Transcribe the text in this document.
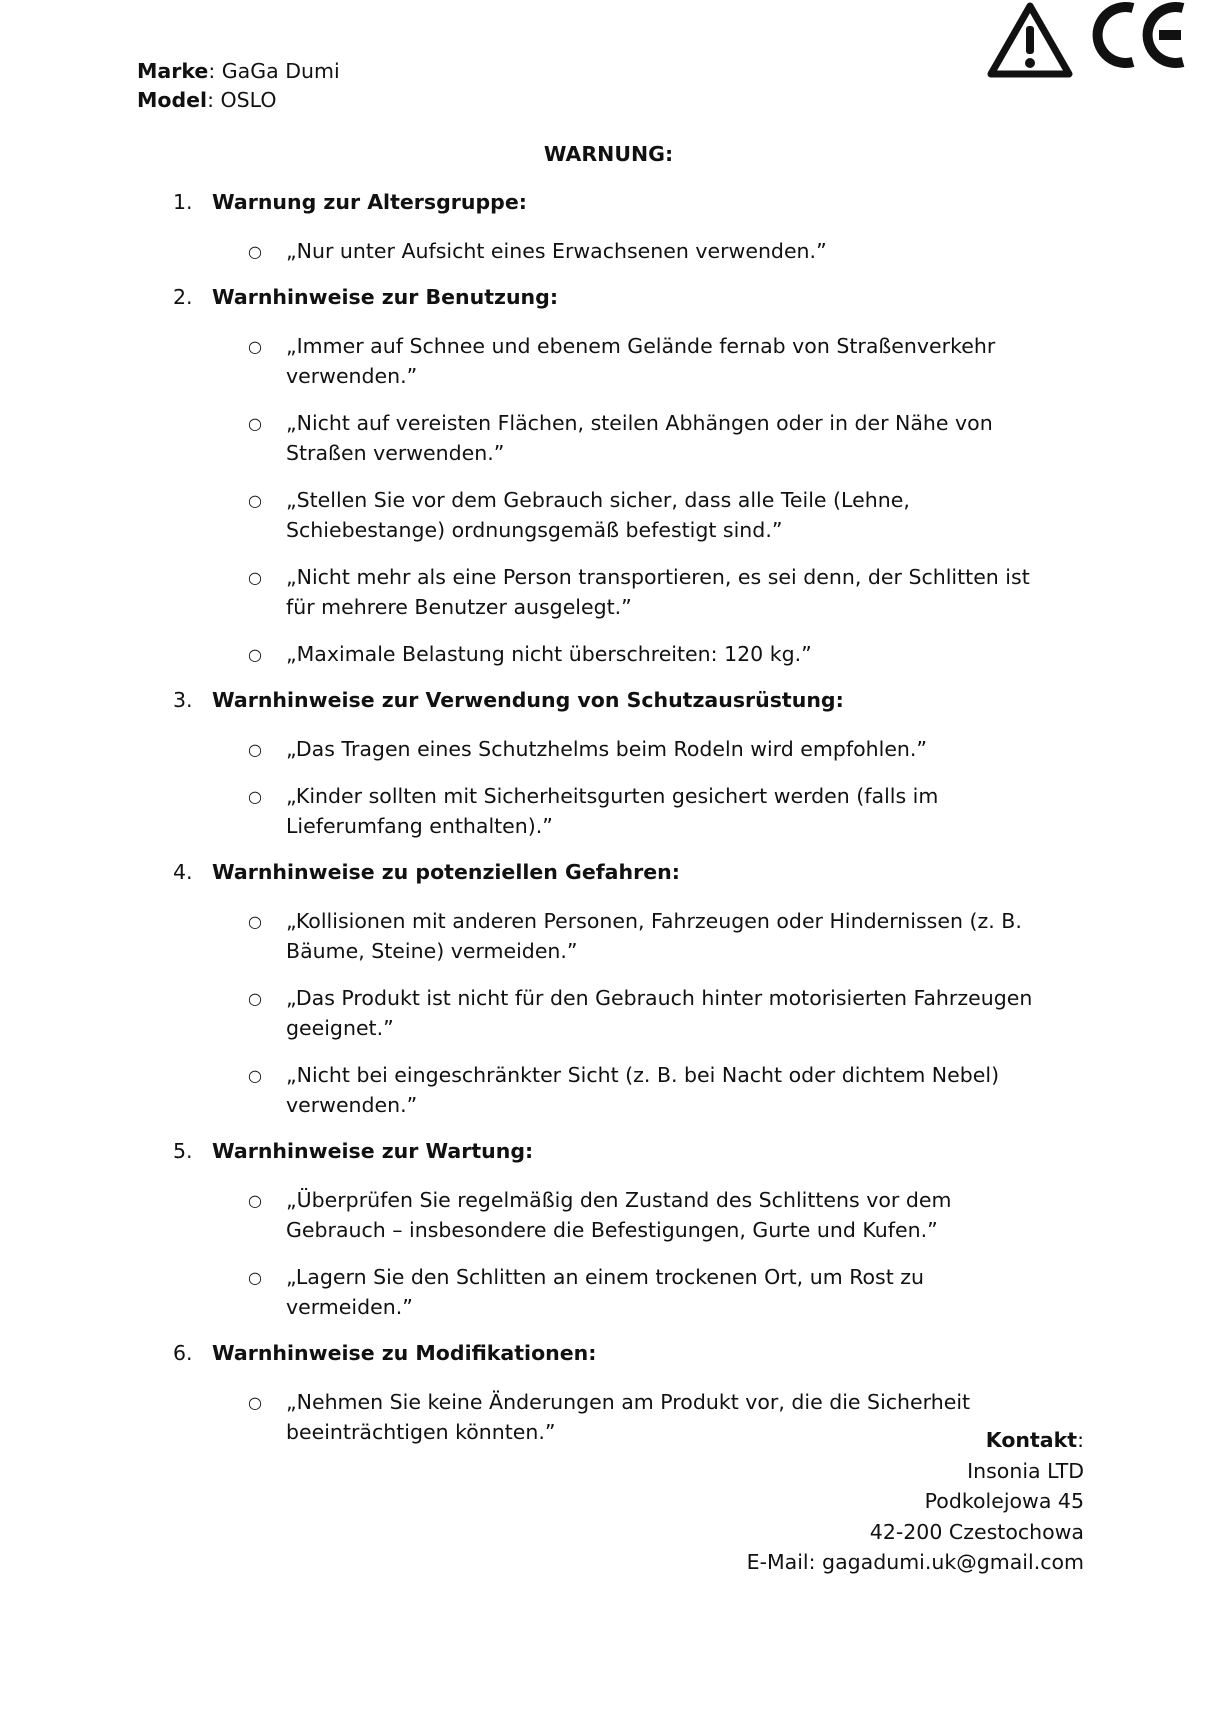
Marke: GaGa Dumi
Model: OSLO
WARNUNG:
1. Warnung zur Altersgruppe:
○ „Nur unter Aufsicht eines Erwachsenen verwenden.”
2. Warnhinweise zur Benutzung:
○ „Immer auf Schnee und ebenem Gelände fernab von Straßenverkehr verwenden.”
○ „Nicht auf vereisten Flächen, steilen Abhängen oder in der Nähe von Straßen verwenden.”
○ „Stellen Sie vor dem Gebrauch sicher, dass alle Teile (Lehne, Schiebestange) ordnungsgemäß befestigt sind.”
○ „Nicht mehr als eine Person transportieren, es sei denn, der Schlitten ist für mehrere Benutzer ausgelegt.”
○ „Maximale Belastung nicht überschreiten: 120 kg.”
3. Warnhinweise zur Verwendung von Schutzausrüstung:
○ „Das Tragen eines Schutzhelms beim Rodeln wird empfohlen.”
○ „Kinder sollten mit Sicherheitsgurten gesichert werden (falls im Lieferumfang enthalten).”
4. Warnhinweise zu potenziellen Gefahren:
○ „Kollisionen mit anderen Personen, Fahrzeugen oder Hindernissen (z. B. Bäume, Steine) vermeiden.”
○ „Das Produkt ist nicht für den Gebrauch hinter motorisierten Fahrzeugen geeignet.”
○ „Nicht bei eingeschränkter Sicht (z. B. bei Nacht oder dichtem Nebel) verwenden.”
5. Warnhinweise zur Wartung:
○ „Überprüfen Sie regelmäßig den Zustand des Schlittens vor dem Gebrauch – insbesondere die Befestigungen, Gurte und Kufen.”
○ „Lagern Sie den Schlitten an einem trockenen Ort, um Rost zu vermeiden.”
6. Warnhinweise zu Modifikationen:
○ „Nehmen Sie keine Änderungen am Produkt vor, die die Sicherheit beeinträchtigen könnten.”	Kontakt:
Insonia LTD
Podkolejowa 45
42-200 Czestochowa
E-Mail: gagadumi.uk@gmail.com
